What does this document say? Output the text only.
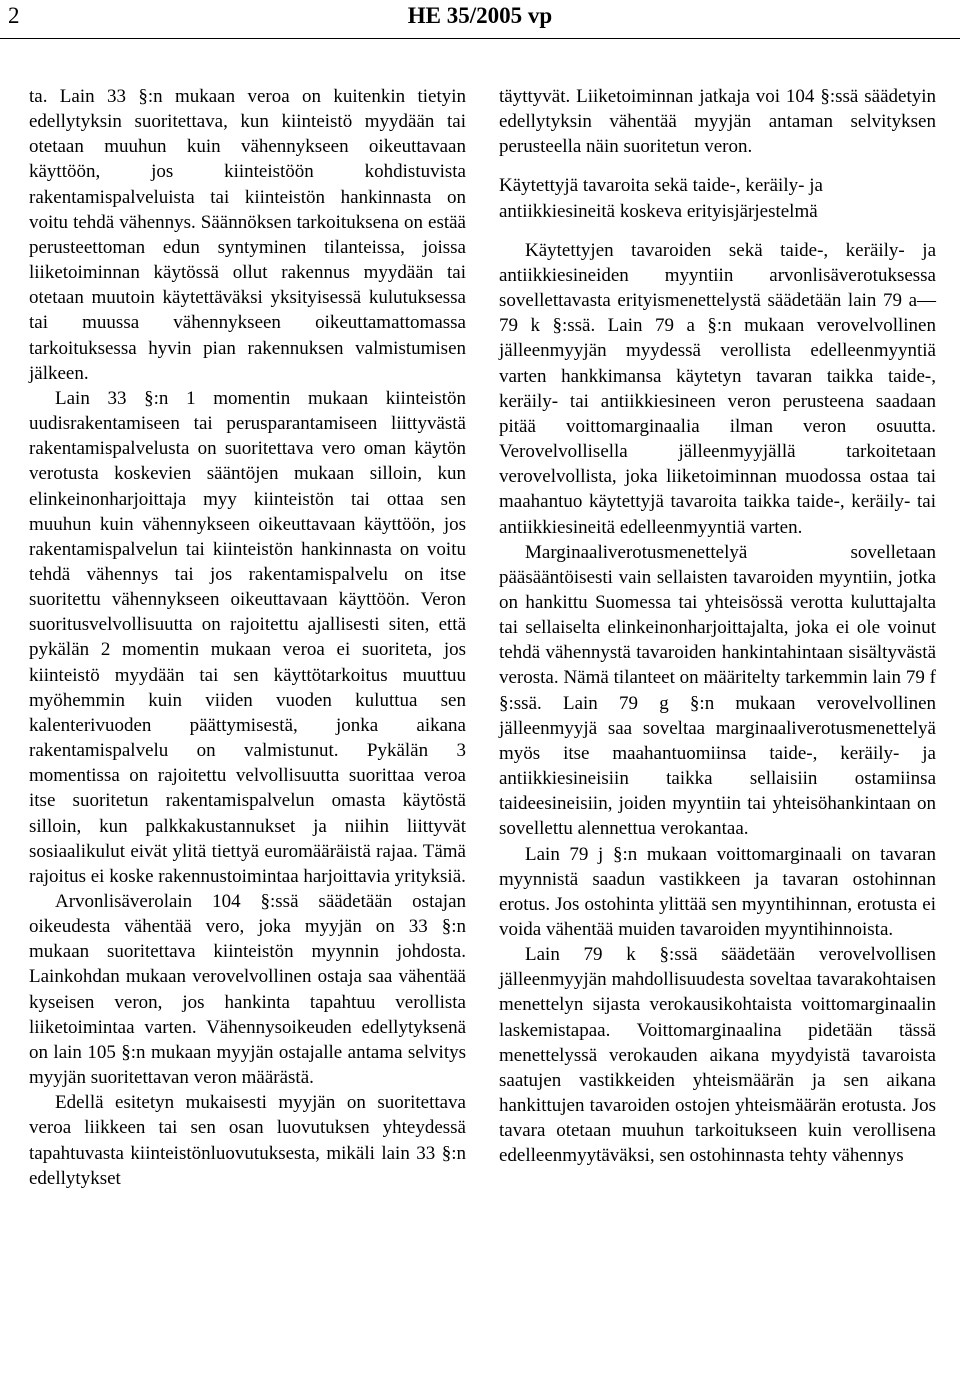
2	HE 35/2005 vp

ta. Lain 33 §:n mukaan veroa on kuitenkin tietyin edellytyksin suoritettava, kun kiinteistö myydään tai otetaan muuhun kuin vähennykseen oikeuttavaan käyttöön, jos kiinteistöön kohdistuvista rakentamispalveluista tai kiinteistön hankinnasta on voitu tehdä vähennys. Säännöksen tarkoituksena on estää perusteettoman edun syntyminen tilanteissa, joissa liiketoiminnan käytössä ollut rakennus myydään tai otetaan muutoin käytettäväksi yksityisessä kulutuksessa tai muussa vähennykseen oikeuttamattomassa tarkoituksessa hyvin pian rakennuksen valmistumisen jälkeen.

Lain 33 §:n 1 momentin mukaan kiinteistön uudisrakentamiseen tai perusparantamiseen liittyvästä rakentamispalvelusta on suoritettava vero oman käytön verotusta koskevien sääntöjen mukaan silloin, kun elinkeinonharjoittaja myy kiinteistön tai ottaa sen muuhun kuin vähennykseen oikeuttavaan käyttöön, jos rakentamispalvelun tai kiinteistön hankinnasta on voitu tehdä vähennys tai jos rakentamispalvelu on itse suoritettu vähennykseen oikeuttavaan käyttöön. Veron suoritusvelvollisuutta on rajoitettu ajallisesti siten, että pykälän 2 momentin mukaan veroa ei suoriteta, jos kiinteistö myydään tai sen käyttötarkoitus muuttuu myöhemmin kuin viiden vuoden kuluttua sen kalenterivuoden päättymisestä, jonka aikana rakentamispalvelu on valmistunut. Pykälän 3 momentissa on rajoitettu velvollisuutta suorittaa veroa itse suoritetun rakentamispalvelun omasta käytöstä silloin, kun palkkakustannukset ja niihin liittyvät sosiaalikulut eivät ylitä tiettyä euromääräistä rajaa. Tämä rajoitus ei koske rakennustoimintaa harjoittavia yrityksiä.

Arvonlisäverolain 104 §:ssä säädetään ostajan oikeudesta vähentää vero, joka myyjän on 33 §:n mukaan suoritettava kiinteistön myynnin johdosta. Lainkohdan mukaan verovelvollinen ostaja saa vähentää kyseisen veron, jos hankinta tapahtuu verollista liiketoimintaa varten. Vähennysoikeuden edellytyksenä on lain 105 §:n mukaan myyjän ostajalle antama selvitys myyjän suoritettavan veron määrästä.

Edellä esitetyn mukaisesti myyjän on suoritettava veroa liikkeen tai sen osan luovutuksen yhteydessä tapahtuvasta kiinteistönluovutuksesta, mikäli lain 33 §:n edellytykset

täyttyvät. Liiketoiminnan jatkaja voi 104 §:ssä säädetyin edellytyksin vähentää myyjän antaman selvityksen perusteella näin suoritetun veron.

Käytettyjä tavaroita sekä taide-, keräily- ja antiikkiesineitä koskeva erityisjärjestelmä

Käytettyjen tavaroiden sekä taide-, keräily- ja antiikkiesineiden myyntiin arvonlisäverotuksessa sovellettavasta erityismenettelystä säädetään lain 79 a—79 k §:ssä. Lain 79 a §:n mukaan verovelvollinen jälleenmyyjän myydessä verollista edelleenmyyntiä varten hankkimansa käytetyn tavaran taikka taide-, keräily- tai antiikkiesineen veron perusteena saadaan pitää voittomarginaalia ilman veron osuutta. Verovelvollisella jälleenmyyjällä tarkoitetaan verovelvollista, joka liiketoiminnan muodossa ostaa tai maahantuo käytettyjä tavaroita taikka taide-, keräily- tai antiikkiesineitä edelleenmyyntiä varten.

Marginaaliverotusmenettelyä sovelletaan pääsääntöisesti vain sellaisten tavaroiden myyntiin, jotka on hankittu Suomessa tai yhteisössä verotta kuluttajalta tai sellaiselta elinkeinonharjoittajalta, joka ei ole voinut tehdä vähennystä tavaroiden hankintahintaan sisältyvästä verosta. Nämä tilanteet on määritelty tarkemmin lain 79 f §:ssä. Lain 79 g §:n mukaan verovelvollinen jälleenmyyjä saa soveltaa marginaaliverotusmenettelyä myös itse maahantuomiinsa taide-, keräily- ja antiikkiesineisiin taikka sellaisiin ostamiinsa taideesineisiin, joiden myyntiin tai yhteisöhankintaan on sovellettu alennettua verokantaa.

Lain 79 j §:n mukaan voittomarginaali on tavaran myynnistä saadun vastikkeen ja tavaran ostohinnan erotus. Jos ostohinta ylittää sen myyntihinnan, erotusta ei voida vähentää muiden tavaroiden myyntihinnoista.

Lain 79 k §:ssä säädetään verovelvollisen jälleenmyyjän mahdollisuudesta soveltaa tavarakohtaisen menettelyn sijasta verokausikohtaista voittomarginaalin laskemistapaa. Voittomarginaalina pidetään tässä menettelyssä verokauden aikana myydyistä tavaroista saatujen vastikkeiden yhteismäärän ja sen aikana hankittujen tavaroiden ostojen yhteismäärän erotusta. Jos tavara otetaan muuhun tarkoitukseen kuin verollisena edelleenmyytäväksi, sen ostohinnasta tehty vähennys
